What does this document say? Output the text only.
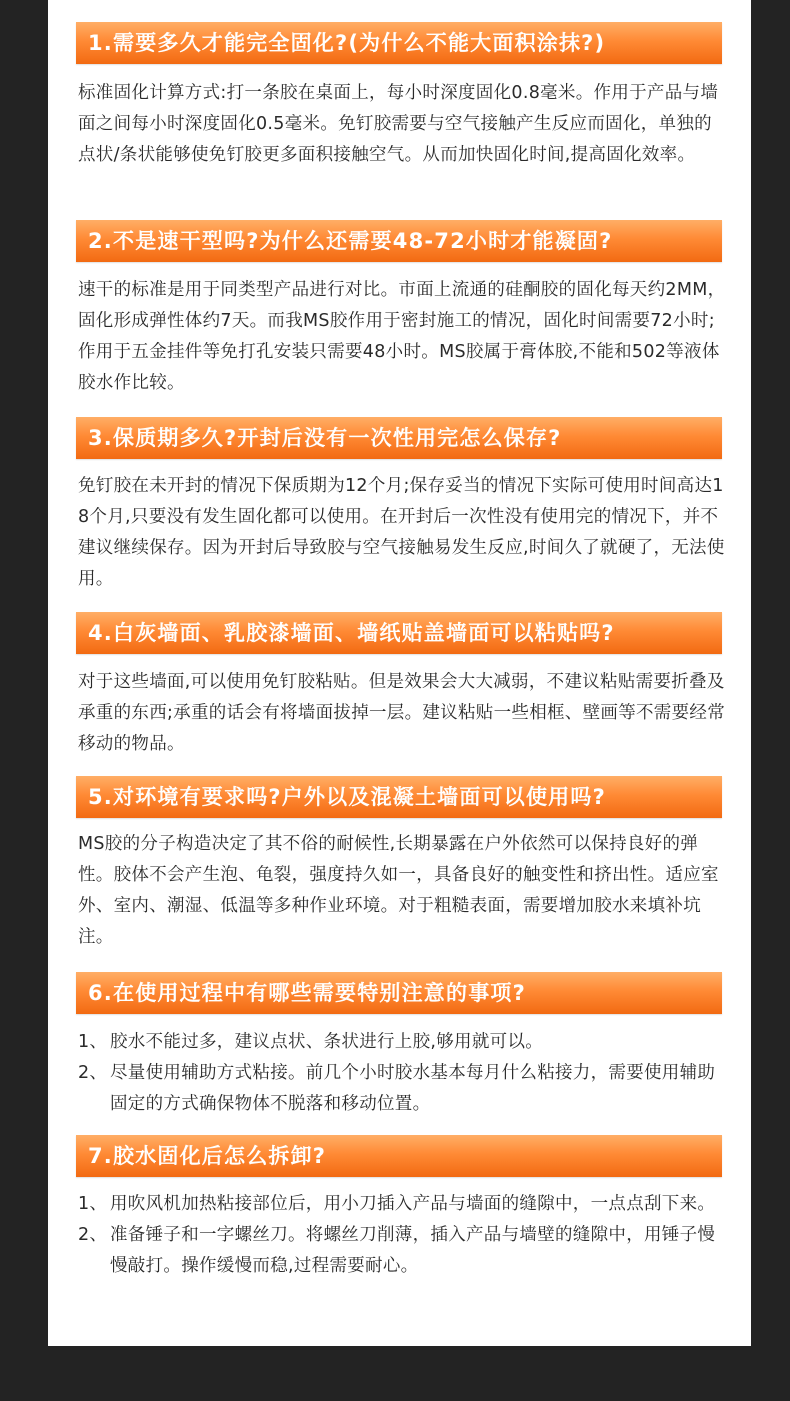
1.需要多久才能完全固化?(为什么不能大面积涂抹?)

标准固化计算方式:打一条胶在桌面上，每小时深度固化0.8毫米。作用于产品与墙面之间每小时深度固化0.5毫米。免钉胶需要与空气接触产生反应而固化，单独的点状/条状能够使免钉胶更多面积接触空气。从而加快固化时间,提高固化效率。

2.不是速干型吗?为什么还需要48-72小时才能凝固?

速干的标准是用于同类型产品进行对比。市面上流通的硅酮胶的固化每天约2MM，固化形成弹性体约7天。而我MS胶作用于密封施工的情况，固化时间需要72小时;作用于五金挂件等免打孔安装只需要48小时。MS胶属于膏体胶,不能和502等液体胶水作比较。

3.保质期多久?开封后没有一次性用完怎么保存?

免钉胶在未开封的情况下保质期为12个月;保存妥当的情况下实际可使用时间高达18个月,只要没有发生固化都可以使用。在开封后一次性没有使用完的情况下，并不建议继续保存。因为开封后导致胶与空气接触易发生反应,时间久了就硬了，无法使用。

4.白灰墙面、乳胶漆墙面、墙纸贴盖墙面可以粘贴吗?

对于这些墙面,可以使用免钉胶粘贴。但是效果会大大减弱，不建议粘贴需要折叠及承重的东西;承重的话会有将墙面拔掉一层。建议粘贴一些相框、壁画等不需要经常移动的物品。

5.对环境有要求吗?户外以及混凝土墙面可以使用吗?

MS胶的分子构造决定了其不俗的耐候性,长期暴露在户外依然可以保持良好的弹性。胶体不会产生泡、龟裂，强度持久如一，具备良好的触变性和挤出性。适应室外、室内、潮湿、低温等多种作业环境。对于粗糙表面，需要增加胶水来填补坑注。

6.在使用过程中有哪些需要特别注意的事项?
1、 胶水不能过多，建议点状、条状进行上胶,够用就可以。
2、 尽量使用辅助方式粘接。前几个小时胶水基本每月什么粘接力，需要使用辅助固定的方式确保物体不脱落和移动位置。
7.胶水固化后怎么拆卸?
1、 用吹风机加热粘接部位后，用小刀插入产品与墙面的缝隙中，一点点刮下来。
2、 准备锤子和一字螺丝刀。将螺丝刀削薄，插入产品与墙壁的缝隙中，用锤子慢慢敲打。操作缓慢而稳,过程需要耐心。
